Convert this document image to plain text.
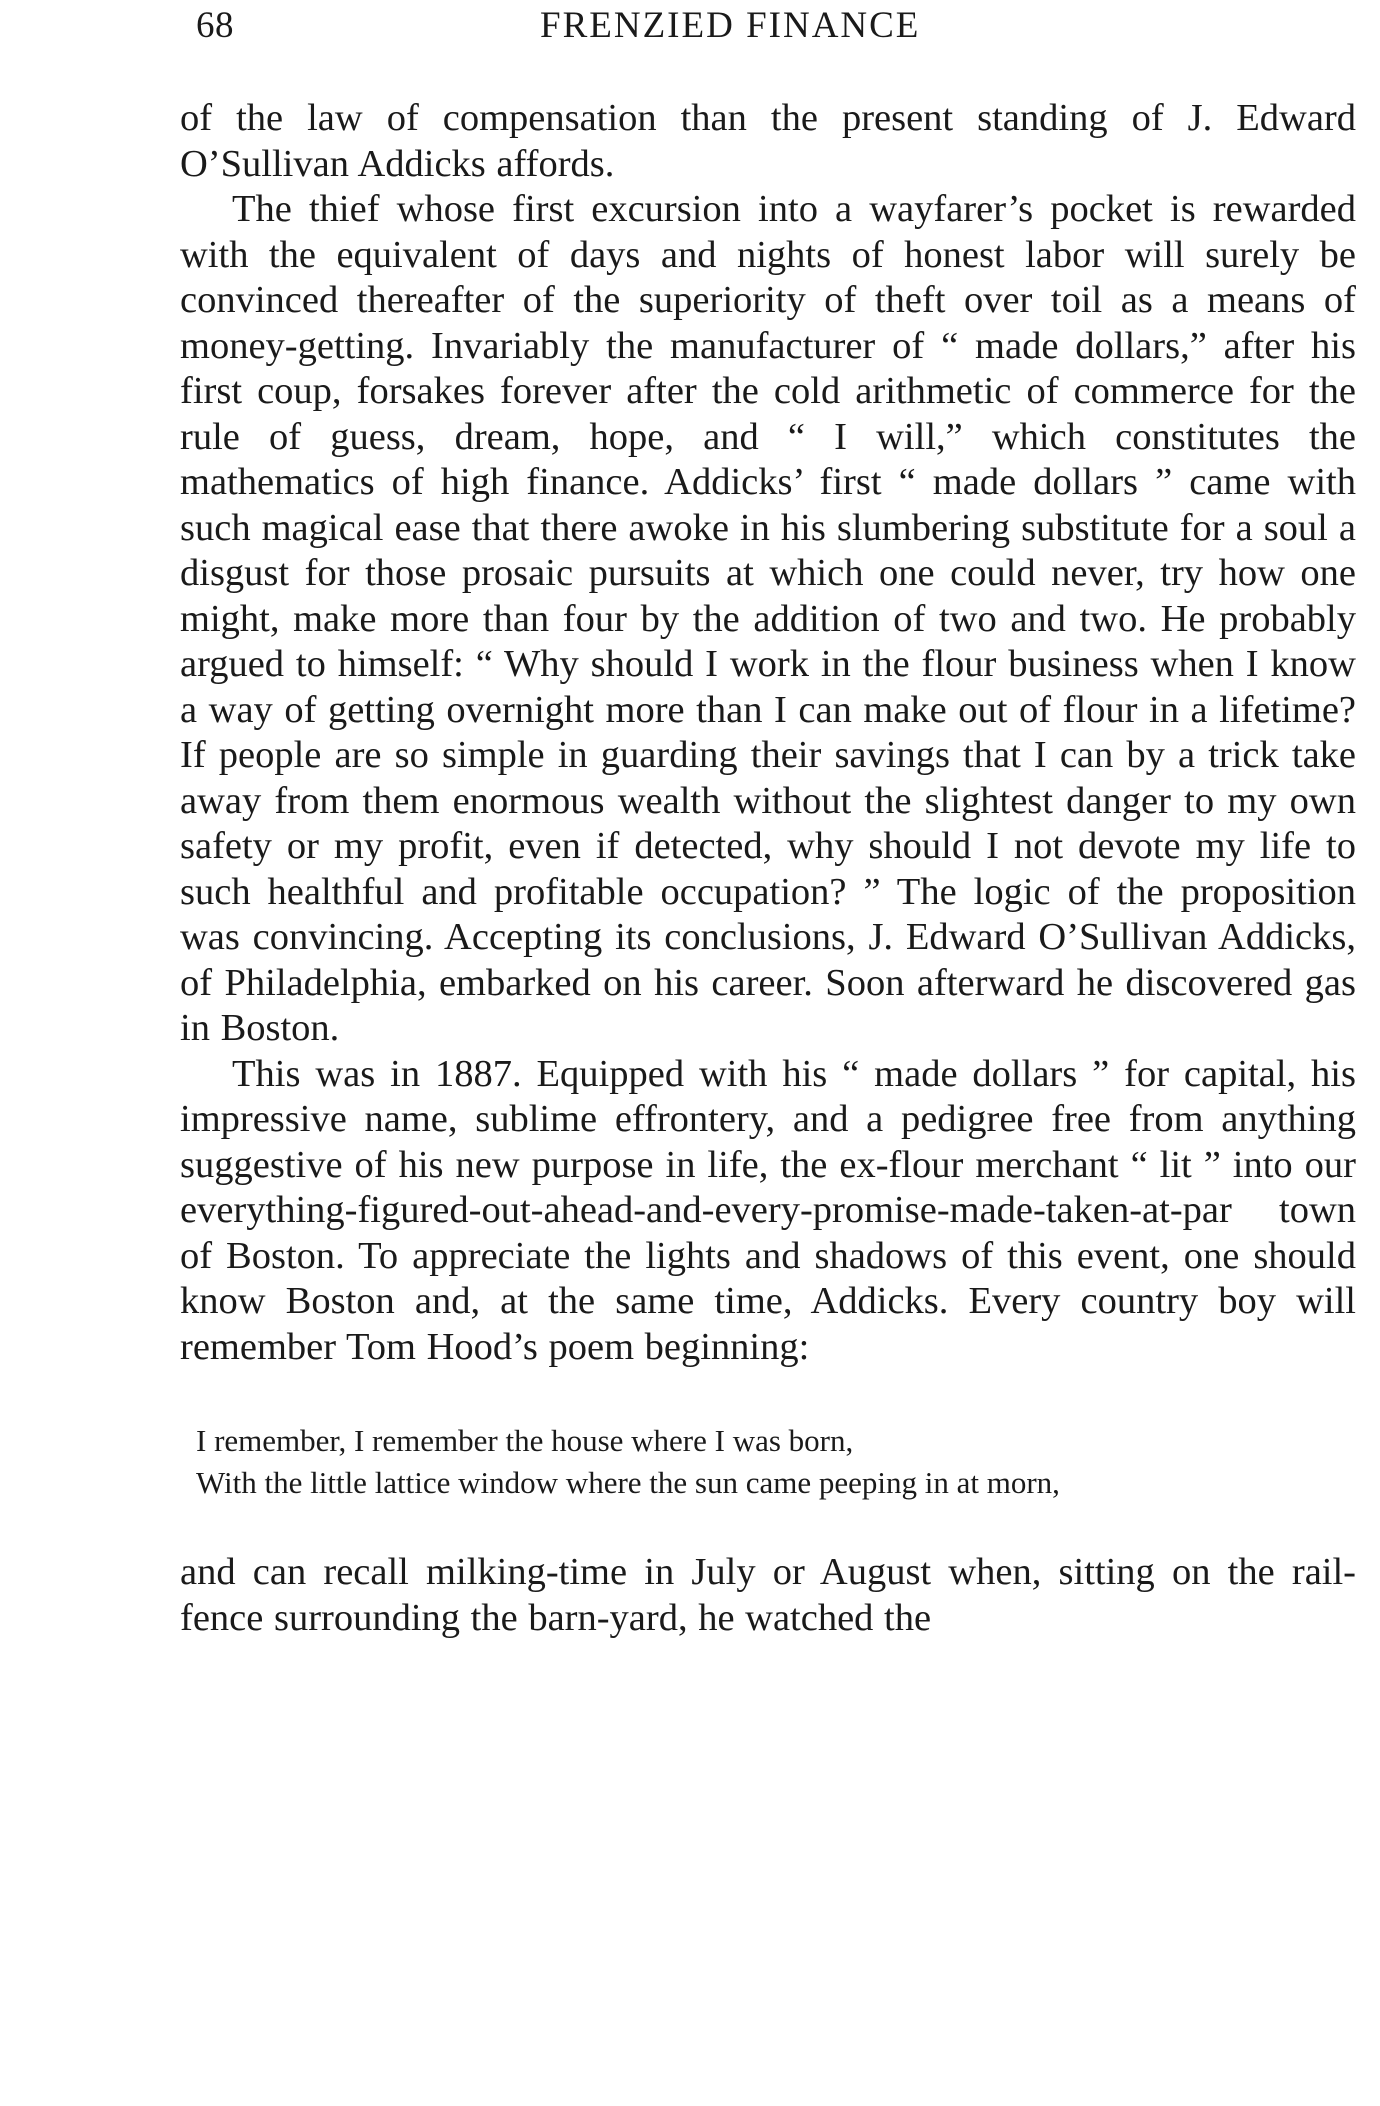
68	FRENZIED FINANCE

of the law of compensation than the present standing of J. Edward O’Sullivan Addicks affords.

The thief whose first excursion into a wayfarer’s pocket is rewarded with the equivalent of days and nights of honest labor will surely be convinced thereafter of the superiority of theft over toil as a means of money-getting. Invariably the manufacturer of “ made dollars,” after his first coup, forsakes forever after the cold arithmetic of commerce for the rule of guess, dream, hope, and “ I will,” which constitutes the mathematics of high finance. Addicks’ first “ made dollars ” came with such magical ease that there awoke in his slumbering substitute for a soul a disgust for those prosaic pursuits at which one could never, try how one might, make more than four by the addition of two and two. He probably argued to himself: “ Why should I work in the flour business when I know a way of getting overnight more than I can make out of flour in a lifetime? If people are so simple in guarding their savings that I can by a trick take away from them enormous wealth without the slightest danger to my own safety or my profit, even if detected, why should I not devote my life to such healthful and profitable occupation? ” The logic of the proposition was convincing. Accepting its conclusions, J. Edward O’Sullivan Addicks, of Philadelphia, embarked on his career. Soon afterward he discovered gas in Boston.

This was in 1887. Equipped with his “ made dollars ” for capital, his impressive name, sublime effrontery, and a pedigree free from anything suggestive of his new purpose in life, the ex-flour merchant “ lit ” into our everything-figured-out-ahead-and-every-promise-made-taken-at-par town of Boston. To appreciate the lights and shadows of this event, one should know Boston and, at the same time, Addicks. Every country boy will remember Tom Hood’s poem beginning:

I remember, I remember the house where I was born,
With the little lattice window where the sun came peeping in at morn,

and can recall milking-time in July or August when, sitting on the rail-fence surrounding the barn-yard, he watched the
